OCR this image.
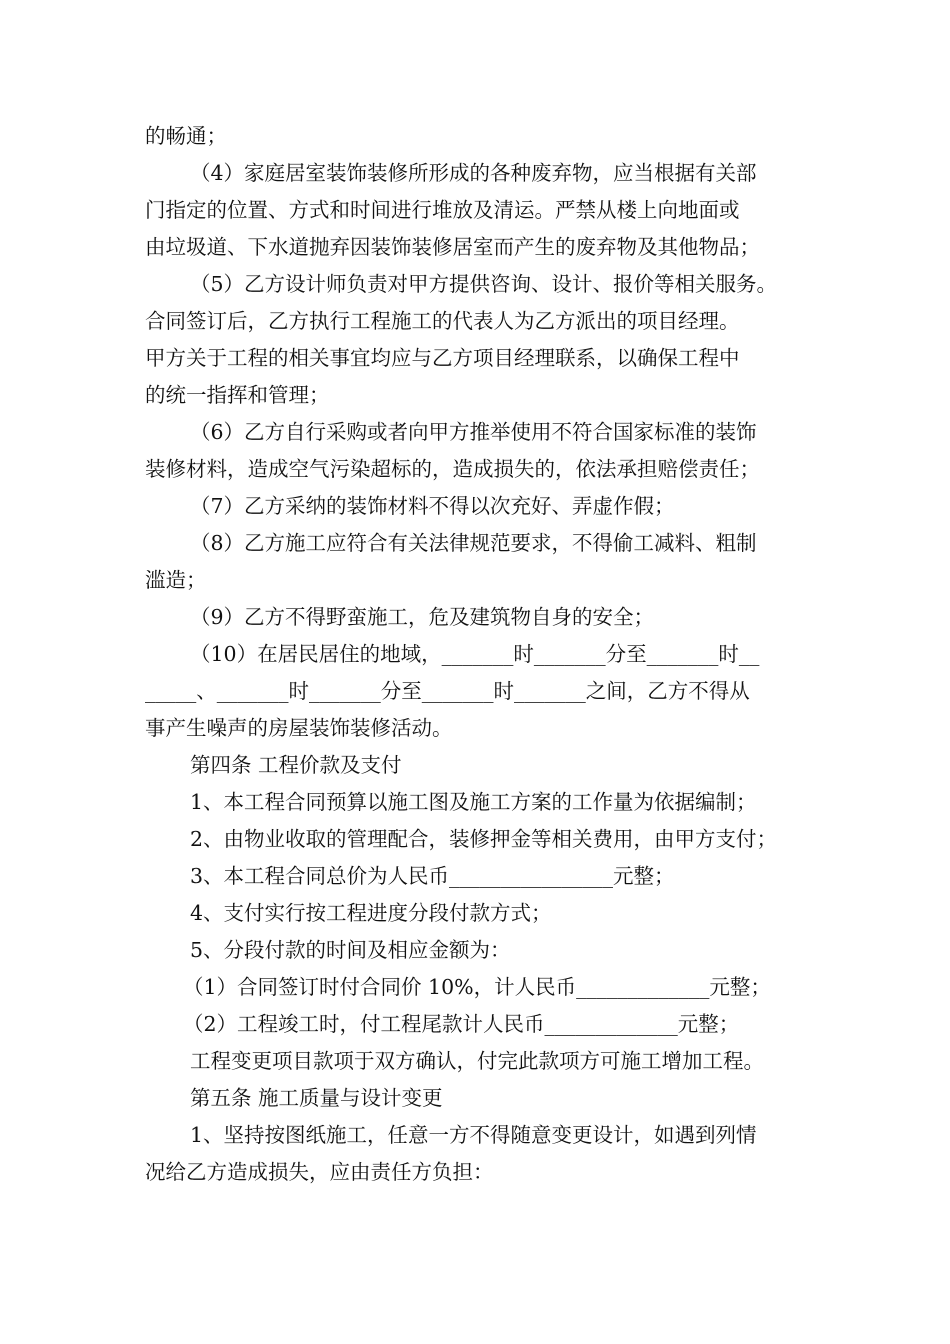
的畅通；
（4）家庭居室装饰装修所形成的各种废弃物，应当根据有关部
门指定的位置、方式和时间进行堆放及清运。严禁从楼上向地面或
由垃圾道、下水道抛弃因装饰装修居室而产生的废弃物及其他物品；
（5）乙方设计师负责对甲方提供咨询、设计、报价等相关服务。
合同签订后，乙方执行工程施工的代表人为乙方派出的项目经理。
甲方关于工程的相关事宜均应与乙方项目经理联系，以确保工程中
的统一指挥和管理；
（6）乙方自行采购或者向甲方推举使用不符合国家标准的装饰
装修材料，造成空气污染超标的，造成损失的，依法承担赔偿责任；
（7）乙方采纳的装饰材料不得以次充好、弄虚作假；
（8）乙方施工应符合有关法律规范要求，不得偷工减料、粗制
滥造；
（9）乙方不得野蛮施工，危及建筑物自身的安全；
（10）在居民居住的地域，_______时_______分至_______时__
_____、_______时_______分至_______时_______之间，乙方不得从
事产生噪声的房屋装饰装修活动。
第四条 工程价款及支付
1、本工程合同预算以施工图及施工方案的工作量为依据编制；
2、由物业收取的管理配合，装修押金等相关费用，由甲方支付；
3、本工程合同总价为人民币________________元整；
4、支付实行按工程进度分段付款方式；
5、分段付款的时间及相应金额为：
（1）合同签订时付合同价 10%，计人民币_____________元整；
（2）工程竣工时，付工程尾款计人民币_____________元整；
工程变更项目款项于双方确认，付完此款项方可施工增加工程。
第五条 施工质量与设计变更
1、坚持按图纸施工，任意一方不得随意变更设计，如遇到列情
况给乙方造成损失，应由责任方负担：
